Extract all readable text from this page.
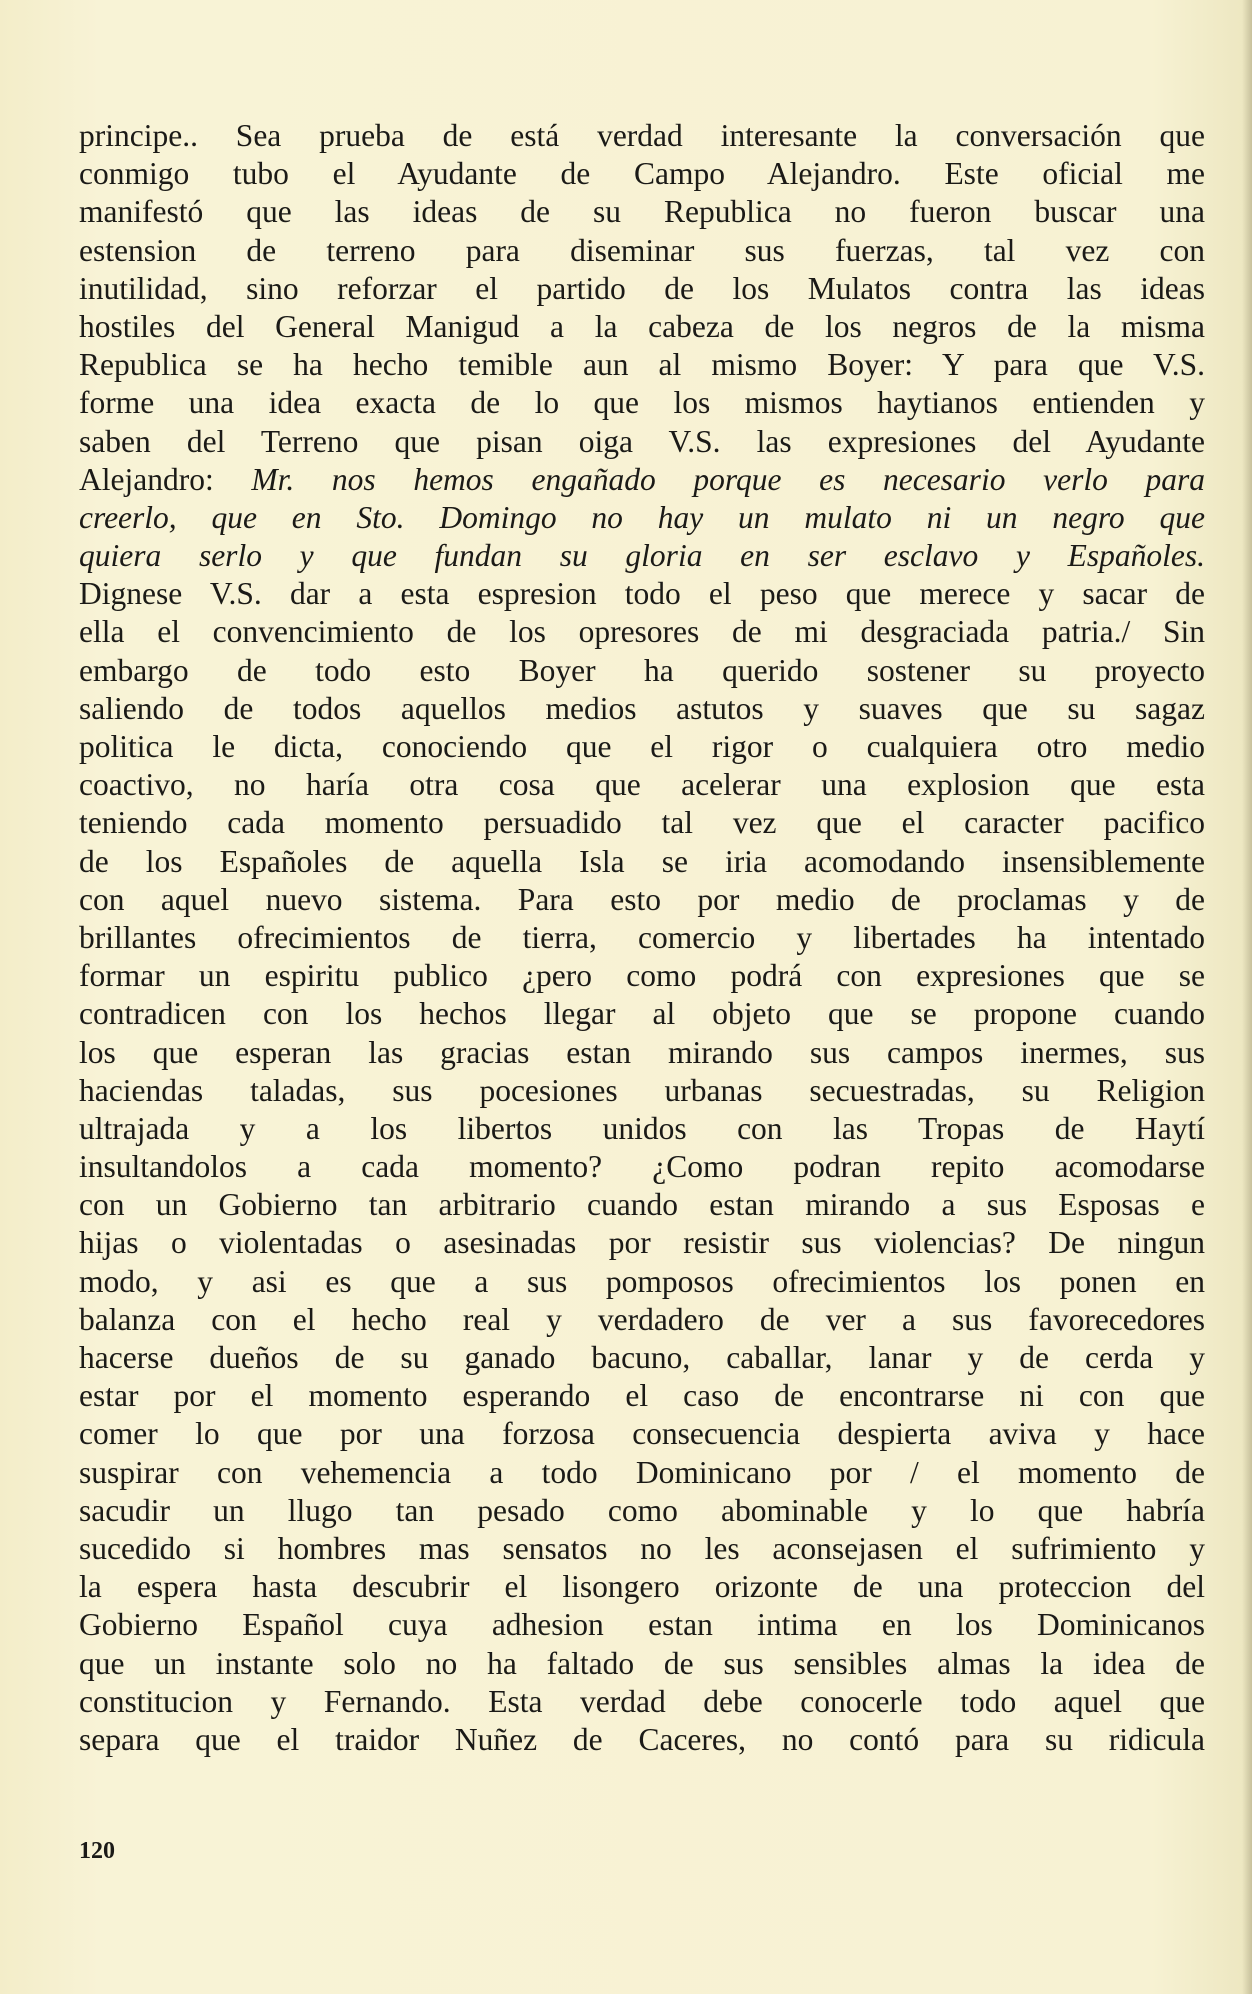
principe.. Sea prueba de está verdad interesante la conversación que
conmigo tubo el Ayudante de Campo Alejandro. Este oficial me
manifestó que las ideas de su Republica no fueron buscar una
estension de terreno para diseminar sus fuerzas, tal vez con
inutilidad, sino reforzar el partido de los Mulatos contra las ideas
hostiles del General Manigud a la cabeza de los negros de la misma
Republica se ha hecho temible aun al mismo Boyer: Y para que V.S.
forme una idea exacta de lo que los mismos haytianos entienden y
saben del Terreno que pisan oiga V.S. las expresiones del Ayudante
Alejandro: Mr. nos hemos engañado porque es necesario verlo para
creerlo, que en Sto. Domingo no hay un mulato ni un negro que
quiera serlo y que fundan su gloria en ser esclavo y Españoles.
Dignese V.S. dar a esta espresion todo el peso que merece y sacar de
ella el convencimiento de los opresores de mi desgraciada patria./ Sin
embargo de todo esto Boyer ha querido sostener su proyecto
saliendo de todos aquellos medios astutos y suaves que su sagaz
politica le dicta, conociendo que el rigor o cualquiera otro medio
coactivo, no haría otra cosa que acelerar una explosion que esta
teniendo cada momento persuadido tal vez que el caracter pacifico
de los Españoles de aquella Isla se iria acomodando insensiblemente
con aquel nuevo sistema. Para esto por medio de proclamas y de
brillantes ofrecimientos de tierra, comercio y libertades ha intentado
formar un espiritu publico ¿pero como podrá con expresiones que se
contradicen con los hechos llegar al objeto que se propone cuando
los que esperan las gracias estan mirando sus campos inermes, sus
haciendas taladas, sus pocesiones urbanas secuestradas, su Religion
ultrajada y a los libertos unidos con las Tropas de Haytí
insultandolos a cada momento? ¿Como podran repito acomodarse
con un Gobierno tan arbitrario cuando estan mirando a sus Esposas e
hijas o violentadas o asesinadas por resistir sus violencias? De ningun
modo, y asi es que a sus pomposos ofrecimientos los ponen en
balanza con el hecho real y verdadero de ver a sus favorecedores
hacerse dueños de su ganado bacuno, caballar, lanar y de cerda y
estar por el momento esperando el caso de encontrarse ni con que
comer lo que por una forzosa consecuencia despierta aviva y hace
suspirar con vehemencia a todo Dominicano por / el momento de
sacudir un llugo tan pesado como abominable y lo que habría
sucedido si hombres mas sensatos no les aconsejasen el sufrimiento y
la espera hasta descubrir el lisongero orizonte de una proteccion del
Gobierno Español cuya adhesion estan intima en los Dominicanos
que un instante solo no ha faltado de sus sensibles almas la idea de
constitucion y Fernando. Esta verdad debe conocerle todo aquel que
separa que el traidor Nuñez de Caceres, no contó para su ridicula
120
